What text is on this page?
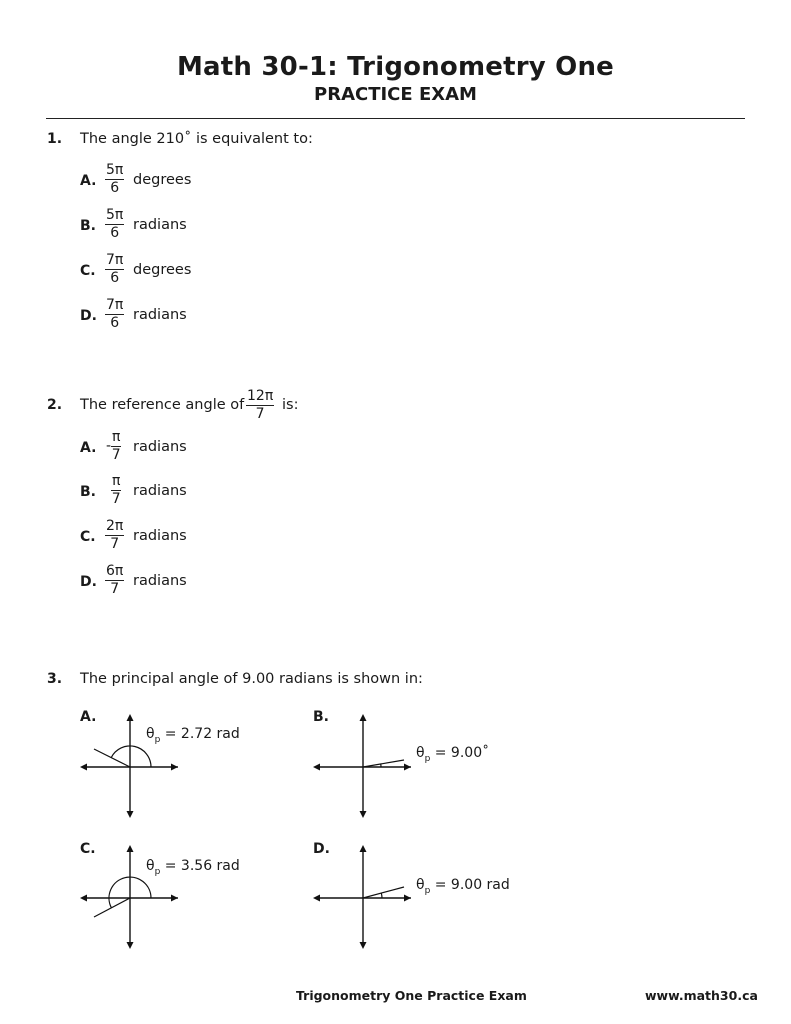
Math 30-1: Trigonometry One
PRACTICE EXAM
1. The angle 210˚ is equivalent to:
A. $\frac{5\pi}{6}$ degrees
B. $\frac{5\pi}{6}$ radians
C. $\frac{7\pi}{6}$ degrees
D. $\frac{7\pi}{6}$ radians
2. The reference angle of $\frac{12\pi}{7}$ is:
A. - $\frac{\pi}{7}$ radians
B. $\frac{\pi}{7}$ radians
C. $\frac{2\pi}{7}$ radians
D. $\frac{6\pi}{7}$ radians
3. The principal angle of 9.00 radians is shown in:
A.
$\theta_p = 2.72$ rad
B.
$\theta_p$ = 9.00˚
C.
$\theta_p = 3.56$ rad
D.
$\theta_p = 9.00$ rad
Trigonometry One Practice Exam	www.math30.ca
